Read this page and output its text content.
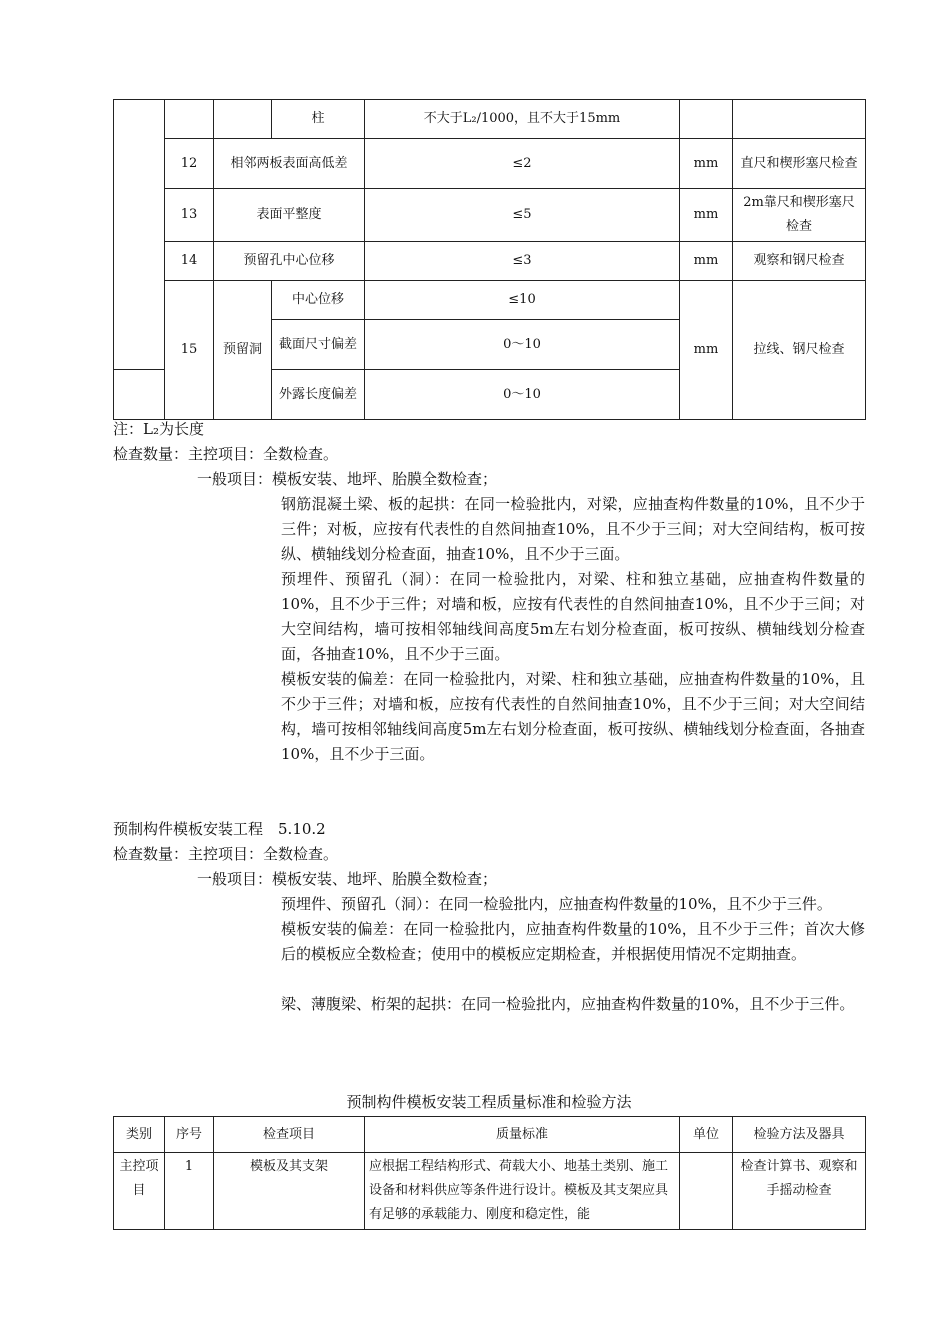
			柱	不大于L₂/1000，且不大于15mm		
	12	相邻两板表面高低差		≤2	mm	直尺和楔形塞尺检查
	13	表面平整度		≤5	mm	2m靠尺和楔形塞尺检查
	14	预留孔中心位移		≤3	mm	观察和钢尺检查
	15	预留洞	中心位移	≤10	mm	拉线、钢尺检查
			截面尺寸偏差	0～10		
			外露长度偏差	0～10		
注：L₂为长度
检查数量：主控项目：全数检查。
一般项目：模板安装、地坪、胎膜全数检查；
钢筋混凝土梁、板的起拱：在同一检验批内，对梁，应抽查构件数量的10%，且不少于三件；对板，应按有代表性的自然间抽查10%，且不少于三间；对大空间结构，板可按纵、横轴线划分检查面，抽查10%，且不少于三面。
预埋件、预留孔（洞）：在同一检验批内，对梁、柱和独立基础，应抽查构件数量的10%，且不少于三件；对墙和板，应按有代表性的自然间抽查10%，且不少于三间；对大空间结构，墙可按相邻轴线间高度5m左右划分检查面，板可按纵、横轴线划分检查面，各抽查10%，且不少于三面。
模板安装的偏差：在同一检验批内，对梁、柱和独立基础，应抽查构件数量的10%，且不少于三件；对墙和板，应按有代表性的自然间抽查10%，且不少于三间；对大空间结构，墙可按相邻轴线间高度5m左右划分检查面，板可按纵、横轴线划分检查面，各抽查10%，且不少于三面。
预制构件模板安装工程　5.10.2
检查数量：主控项目：全数检查。
一般项目：模板安装、地坪、胎膜全数检查；
预埋件、预留孔（洞）：在同一检验批内，应抽查构件数量的10%，且不少于三件。
模板安装的偏差：在同一检验批内，应抽查构件数量的10%，且不少于三件；首次大修后的模板应全数检查；使用中的模板应定期检查，并根据使用情况不定期抽查。
梁、薄腹梁、桁架的起拱：在同一检验批内，应抽查构件数量的10%，且不少于三件。
预制构件模板安装工程质量标准和检验方法
类别	序号	检查项目	质量标准	单位	检验方法及器具
主控项目	1	模板及其支架	应根据工程结构形式、荷载大小、地基土类别、施工设备和材料供应等条件进行设计。模板及其支架应具有足够的承载能力、刚度和稳定性，能		检查计算书、观察和手摇动检查
